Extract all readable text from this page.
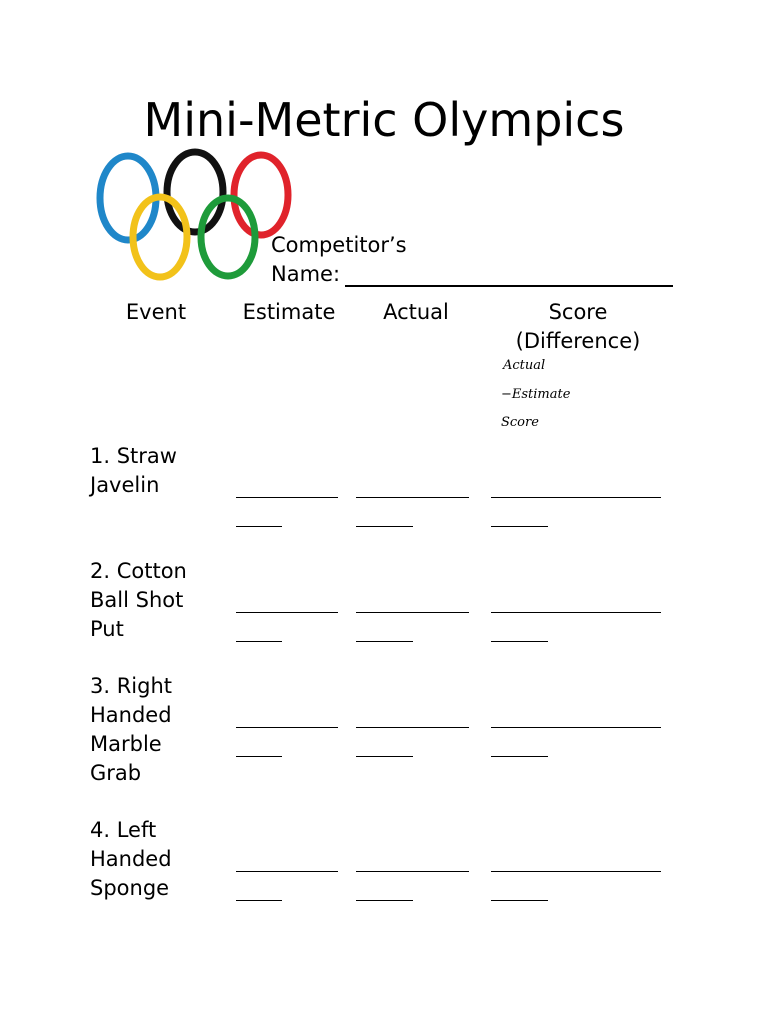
Mini-Metric Olympics
Competitor’s
Name:
Event	Estimate	Actual	Score
(Difference)
Actual
−Estimate
Score
1. Straw
Javelin
2. Cotton
Ball Shot
Put
3. Right
Handed
Marble
Grab
4. Left
Handed
Sponge
